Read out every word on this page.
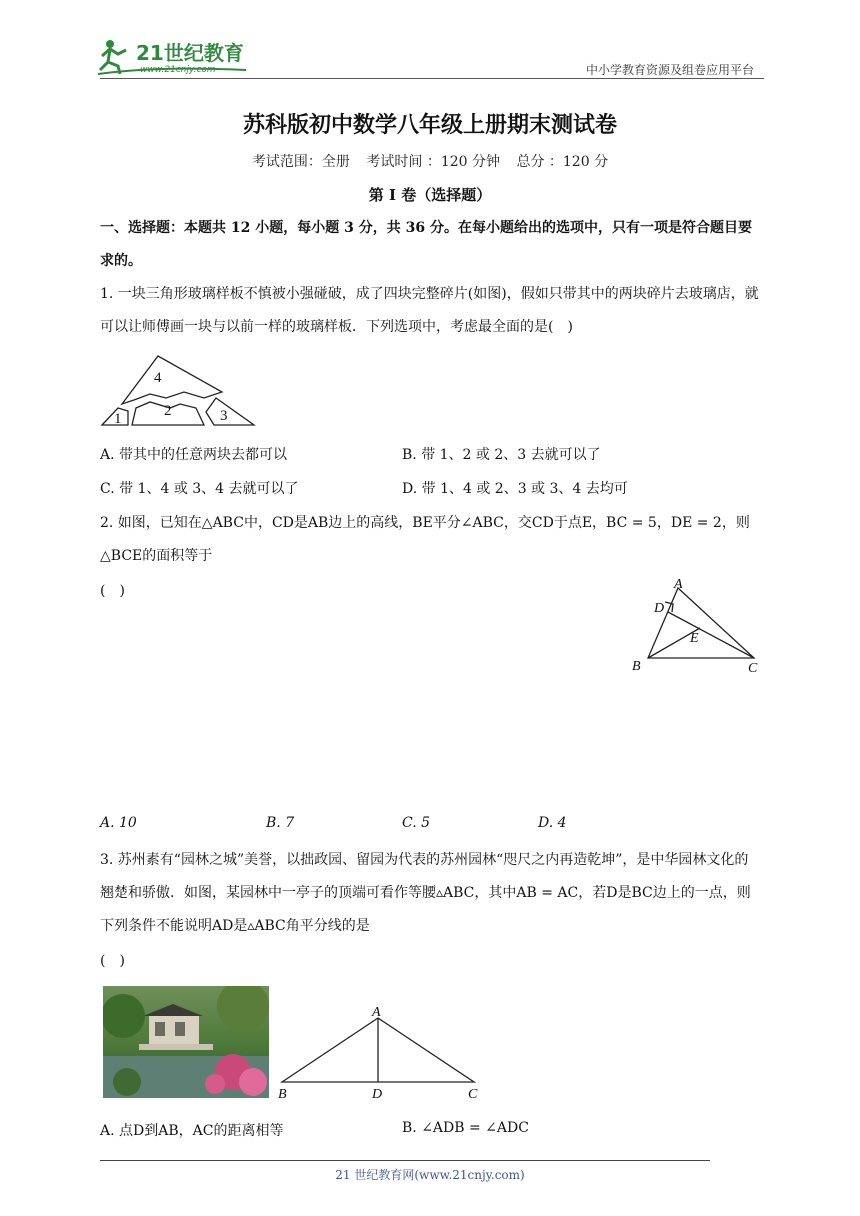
21世纪教育
www.21cnjy.com	中小学教育资源及组卷应用平台
苏科版初中数学八年级上册期末测试卷
考试范围：全册 考试时间 ：120 分钟 总分 ：120 分
第 I 卷（选择题）
一、选择题：本题共 12 小题，每小题 3 分，共 36 分。在每小题给出的选项中，只有一项是符合题目要求的。
1. 一块三角形玻璃样板不慎被小强碰破，成了四块完整碎片(如图)，假如只带其中的两块碎片去玻璃店，就可以让师傅画一块与以前一样的玻璃样板．下列选项中，考虑最全面的是(　)
1	2	3
4
A. 带其中的任意两块去都可以	B. 带 1、2 或 2、3 去就可以了
C. 带 1、4 或 3、4 去就可以了	D. 带 1、4 或 2、3 或 3、4 去均可
2. 如图，已知在△ABC中，CD是AB边上的高线，BE平分∠ABC，交CD于点E，BC = 5，DE = 2，则△BCE的面积等于
(　)	A
B	C
D
E
A. 10	B. 7	C. 5	D. 4
3. 苏州素有“园林之城”美誉，以拙政园、留园为代表的苏州园林“咫尺之内再造乾坤”，是中华园林文化的翘楚和骄傲．如图，某园林中一亭子的顶端可看作等腰▵ABC，其中AB = AC，若D是BC边上的一点，则下列条件不能说明AD是▵ABC角平分线的是
(　)
A
B	C
D
A. 点D到AB，AC的距离相等	B. ∠ADB = ∠ADC
21 世纪教育网(www.21cnjy.com)
